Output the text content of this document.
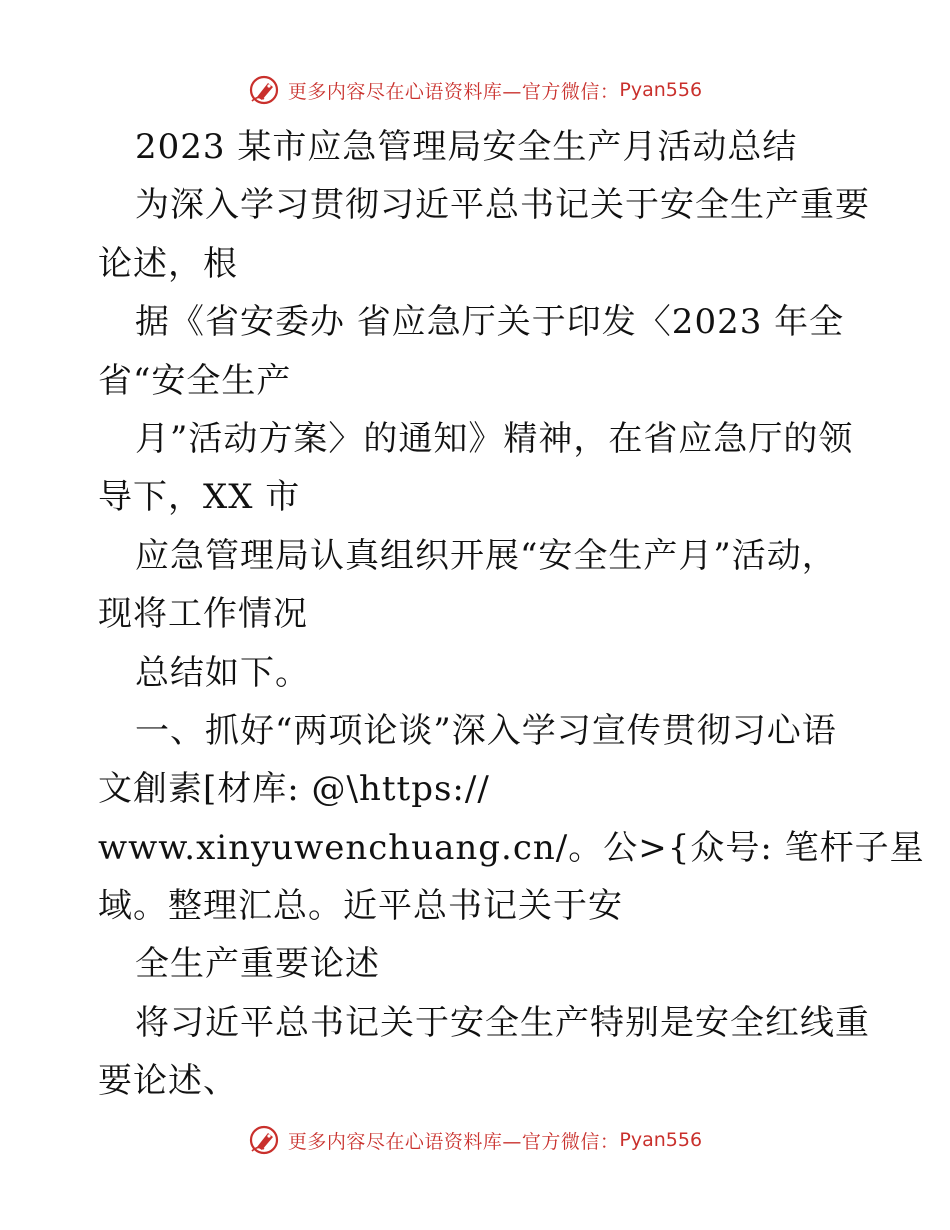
更多内容尽在心语资料库—官方微信： Pyan556
2023 某市应急管理局安全生产月活动总结
为深入学习贯彻习近平总书记关于安全生产重要
论述，根
据《省安委办 省应急厅关于印发〈2023 年全
省“安全生产
月”活动方案〉的通知》精神，在省应急厅的领
导下，XX 市
应急管理局认真组织开展“安全生产月”活动，
现将工作情况
总结如下。
一、抓好“两项论谈”深入学习宣传贯彻习心语
文創素[材库: @\https://
www.xinyuwenchuang.cn/。公>{众号: 笔杆子星
域。整理汇总。近平总书记关于安
全生产重要论述
将习近平总书记关于安全生产特别是安全红线重
要论述、
更多内容尽在心语资料库—官方微信： Pyan556
